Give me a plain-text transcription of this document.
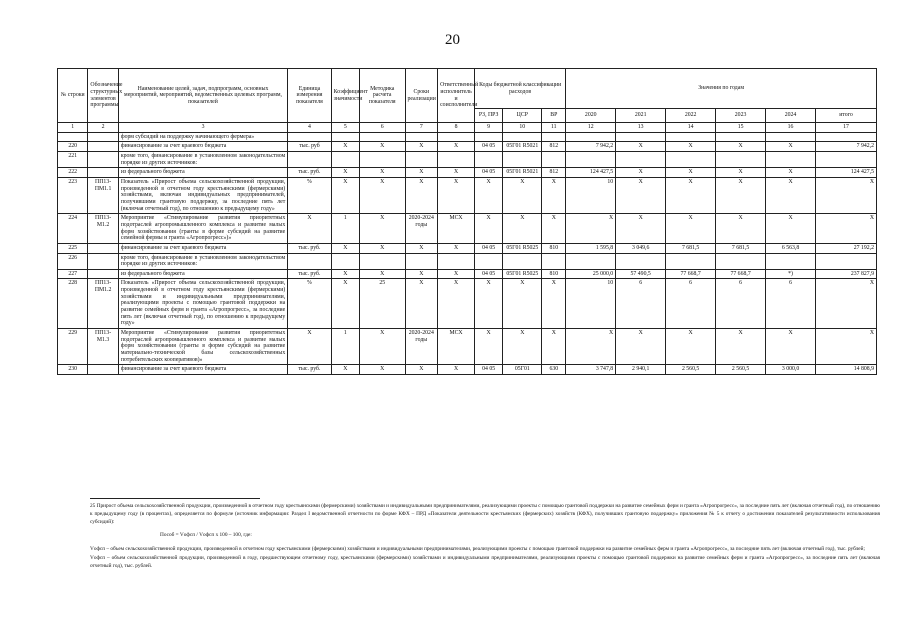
20
№ строки	Обозначение структурных элементов программы	Наименование целей, задач, подпрограмм, основных мероприятий, мероприятий, ведомственных целевых программ, показателей	Единица измерения показателя	Коэффициент значимости	Методика расчета показателя	Сроки реализации	Ответственный исполнитель и соисполнители	Коды бюджетной классификации расходов			Значения по годам					
								РЗ, ПРЗ	ЦСР	ВР	2020	2021	2022	2023	2024	итого
1	2	3	4	5	6	7	8	9	10	11	12	13	14	15	16	17
		форм субсидий на поддержку начинающего фермера»														
220		финансирование за счет краевого бюджета	тыс. руб	Х	Х	Х	Х	04 05	05Г01 R5021	812	7 942,2	Х	Х	Х	Х	7 942,2
221		кроме того, финансирование в установленном законодательством порядке из других источников:														
222		из федерального бюджета	тыс. руб.	Х	Х	Х	Х	04 05	05Г01 R5021	812	124 427,5	Х	Х	Х	Х	124 427,5
223	ПП13-ПМ1.1	Показатель «Прирост объема сельскохозяйственной продукции, произведенной в отчетном году крестьянскими (фермерскими) хозяйствами, включая индивидуальных предпринимателей, получившими грантовую поддержку, за последние пять лет (включая отчетный год), по отношению к предыдущему году»	%	Х	Х	Х	Х	Х	Х	Х	10	Х	Х	Х	Х	Х
224	ПП13-М1.2	Мероприятие «Стимулирование развития приоритетных подотраслей агропромышленного комплекса и развитие малых форм хозяйствования (гранты в форме субсидий на развитие семейной фермы и гранта «Агропрогресс»)»	Х	1	Х	2020-2024 годы	МСХ	Х	Х	Х	Х	Х	Х	Х	Х	Х
225		финансирование за счет краевого бюджета	тыс. руб.	Х	Х	Х	Х	04 05	05Г01 R5025	810	1 595,8	3 049,6	7 681,5	7 681,5	6 563,8	27 192,2
226		кроме того, финансирование в установленном законодательством порядке из других источников:														
227		из федерального бюджета	тыс. руб.	Х	Х	Х	Х	04 05	05Г01 R5025	810	25 000,0	57 490,5	77 668,7	77 668,7	*)	237 827,9
228	ПП13-ПМ1.2	Показатель «Прирост объема сельскохозяйственной продукции, произведенной в отчетном году крестьянскими (фермерскими) хозяйствами и индивидуальными предпринимателями, реализующими проекты с помощью грантовой поддержки на развитие семейных ферм и гранта «Агропрогресс», за последние пять лет (включая отчетный год), по отношению к предыдущему году»	%	Х	25	Х	Х	Х	Х	Х	10	6	6	6	6	Х
229	ПП13-М1.3	Мероприятие «Стимулирование развития приоритетных подотраслей агропромышленного комплекса и развитие малых форм хозяйствования (гранты в форме субсидий на развитие материально-технической базы сельскохозяйственных потребительских кооперативов)»	Х	1	Х	2020-2024 годы	МСХ	Х	Х	Х	Х	Х	Х	Х	Х	Х
230		финансирование за счет краевого бюджета	тыс. руб.	Х	Х	Х	Х	04 05	05Г01	630	3 747,8	2 940,1	2 560,5	2 560,5	3 000,0	14 808,9

25 Прирост объема сельскохозяйственной продукции, произведенной в отчетном году крестьянскими (фермерскими) хозяйствами и индивидуальными предпринимателями, реализующими проекты с помощью грантовой поддержки на развитие семейных ферм и гранта «Агропрогресс», за последние пять лет (включая отчетный год), по отношению к предыдущему году (в процентах), определяется по формуле (источник информации: Раздел I ведомственной отчетности по форме КФХ – ПРД «Показатели деятельности крестьянских (фермерских) хозяйств (КФХ), получивших грантовую поддержку» приложения № 5 к отчету о достижении показателей результативности использования субсидий):

Пособ = Vофсп / Vофсп х 100 – 100, где:

Vофсп – объем сельскохозяйственной продукции, произведенной в отчетном году крестьянскими (фермерскими) хозяйствами и индивидуальными предпринимателями, реализующими проекты с помощью грантовой поддержки на развитие семейных ферм и гранта «Агропрогресс», за последние пять лет (включая отчетный год), тыс. рублей;

Vофсп – объем сельскохозяйственной продукции, произведенной в году, предшествующем отчетному году, крестьянскими (фермерскими) хозяйствами и индивидуальными предпринимателями, реализующими проекты с помощью грантовой поддержки на развитие семейных ферм и гранта «Агропрогресс», за последние пять лет (включая отчетный год), тыс. рублей.
